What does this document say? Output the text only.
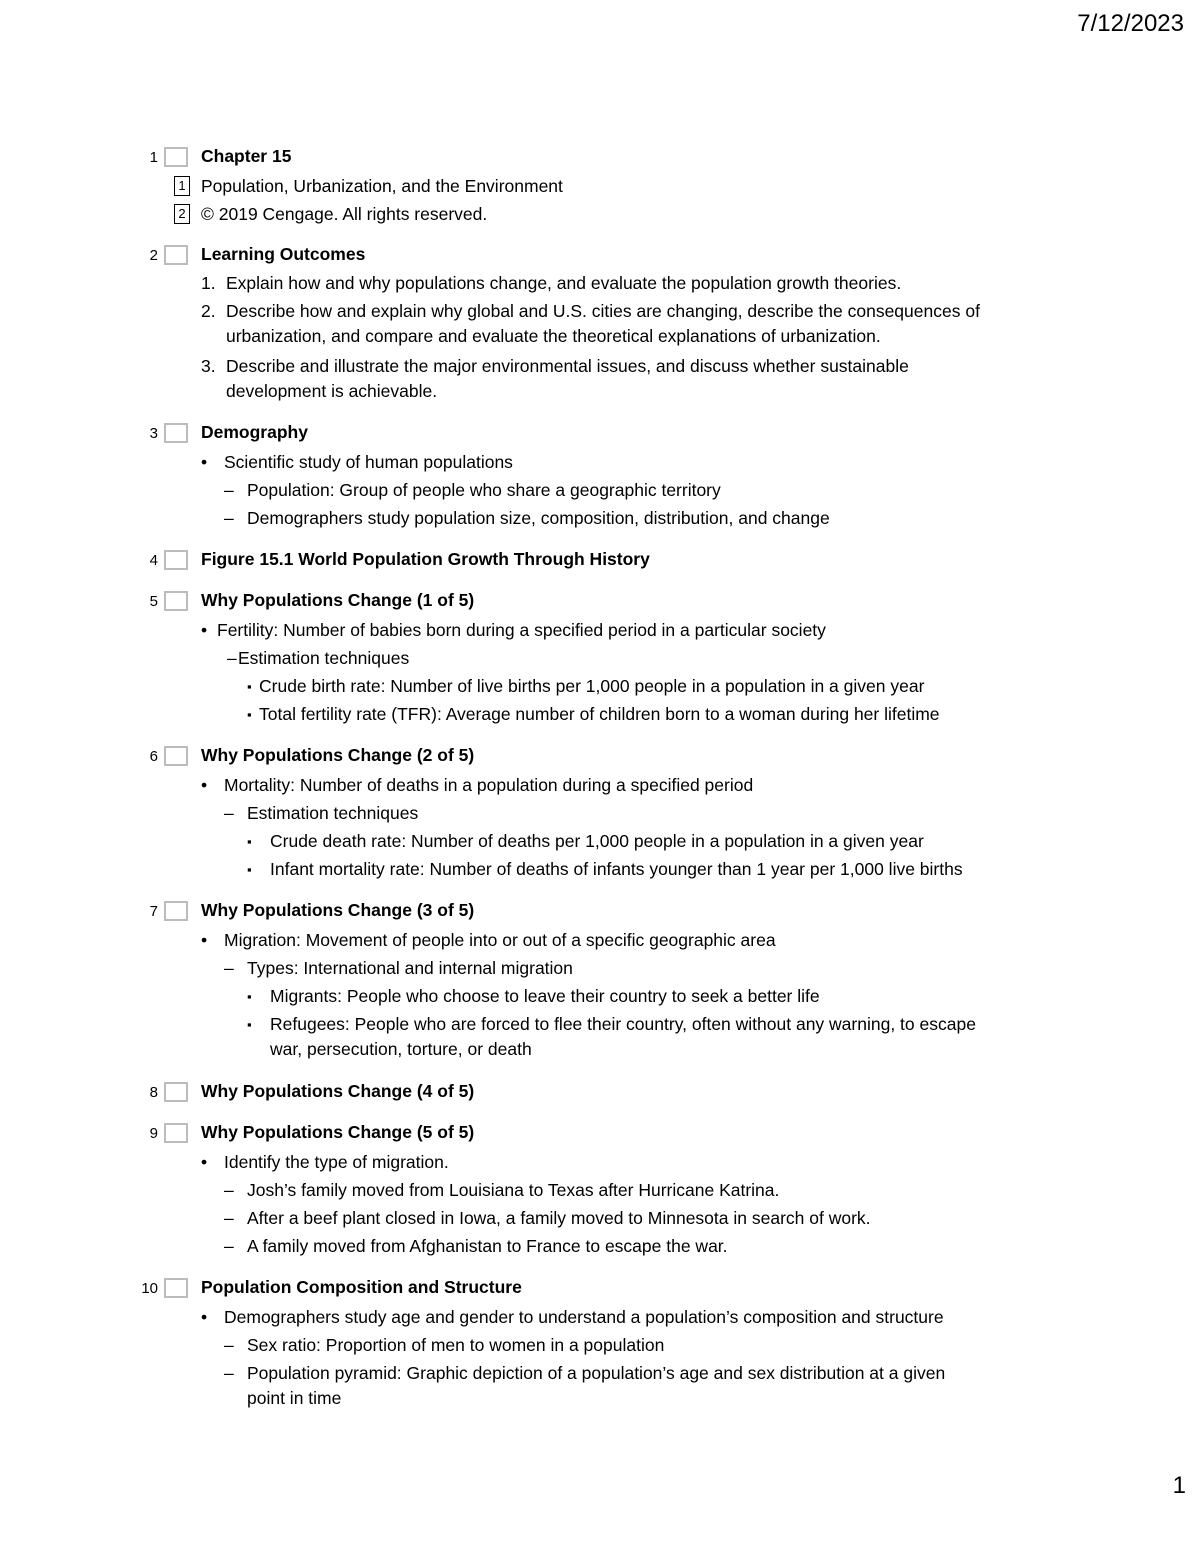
7/12/2023
1 Chapter 15
1 Population, Urbanization, and the Environment
2 © 2019 Cengage. All rights reserved.
2 Learning Outcomes
1. Explain how and why populations change, and evaluate the population growth theories.
2. Describe how and explain why global and U.S. cities are changing, describe the consequences of
urbanization, and compare and evaluate the theoretical explanations of urbanization.
3. Describe and illustrate the major environmental issues, and discuss whether sustainable
development is achievable.
3 Demography
• Scientific study of human populations
– Population: Group of people who share a geographic territory
– Demographers study population size, composition, distribution, and change
4 Figure 15.1 World Population Growth Through History
5 Why Populations Change (1 of 5)
• Fertility: Number of babies born during a specified period in a particular society
– Estimation techniques
▪ Crude birth rate: Number of live births per 1,000 people in a population in a given year
▪ Total fertility rate (TFR): Average number of children born to a woman during her lifetime
6 Why Populations Change (2 of 5)
• Mortality: Number of deaths in a population during a specified period
– Estimation techniques
▪ Crude death rate: Number of deaths per 1,000 people in a population in a given year
▪ Infant mortality rate: Number of deaths of infants younger than 1 year per 1,000 live births
7 Why Populations Change (3 of 5)
• Migration: Movement of people into or out of a specific geographic area
– Types: International and internal migration
▪ Migrants: People who choose to leave their country to seek a better life
▪ Refugees: People who are forced to flee their country, often without any warning, to escape
war, persecution, torture, or death
8 Why Populations Change (4 of 5)
9 Why Populations Change (5 of 5)
• Identify the type of migration.
– Josh’s family moved from Louisiana to Texas after Hurricane Katrina.
– After a beef plant closed in Iowa, a family moved to Minnesota in search of work.
– A family moved from Afghanistan to France to escape the war.
10 Population Composition and Structure
• Demographers study age and gender to understand a population’s composition and structure
– Sex ratio: Proportion of men to women in a population
– Population pyramid: Graphic depiction of a population’s age and sex distribution at a given
point in time
1
